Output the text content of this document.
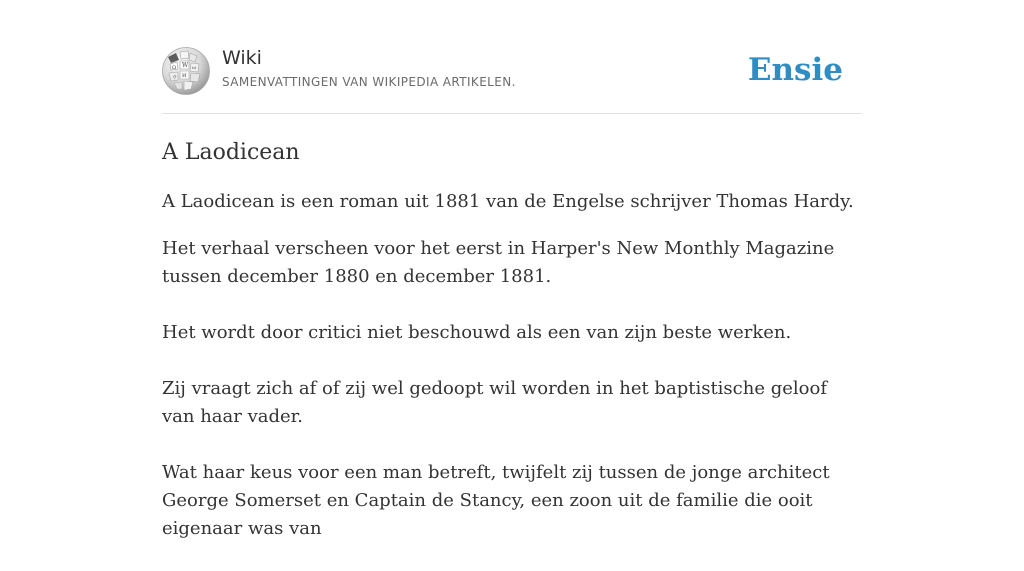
W
Ω
И
ω
ウ
Wiki
SAMENVATTINGEN VAN WIKIPEDIA ARTIKELEN.	Ensie
A Laodicean

A Laodicean is een roman uit 1881 van de Engelse schrijver Thomas Hardy.

Het verhaal verscheen voor het eerst in Harper's New Monthly Magazine tussen december 1880 en december 1881.

Het wordt door critici niet beschouwd als een van zijn beste werken.

Zij vraagt zich af of zij wel gedoopt wil worden in het baptistische geloof van haar vader.

Wat haar keus voor een man betreft, twijfelt zij tussen de jonge architect George Somerset en Captain de Stancy, een zoon uit de familie die ooit eigenaar was van
